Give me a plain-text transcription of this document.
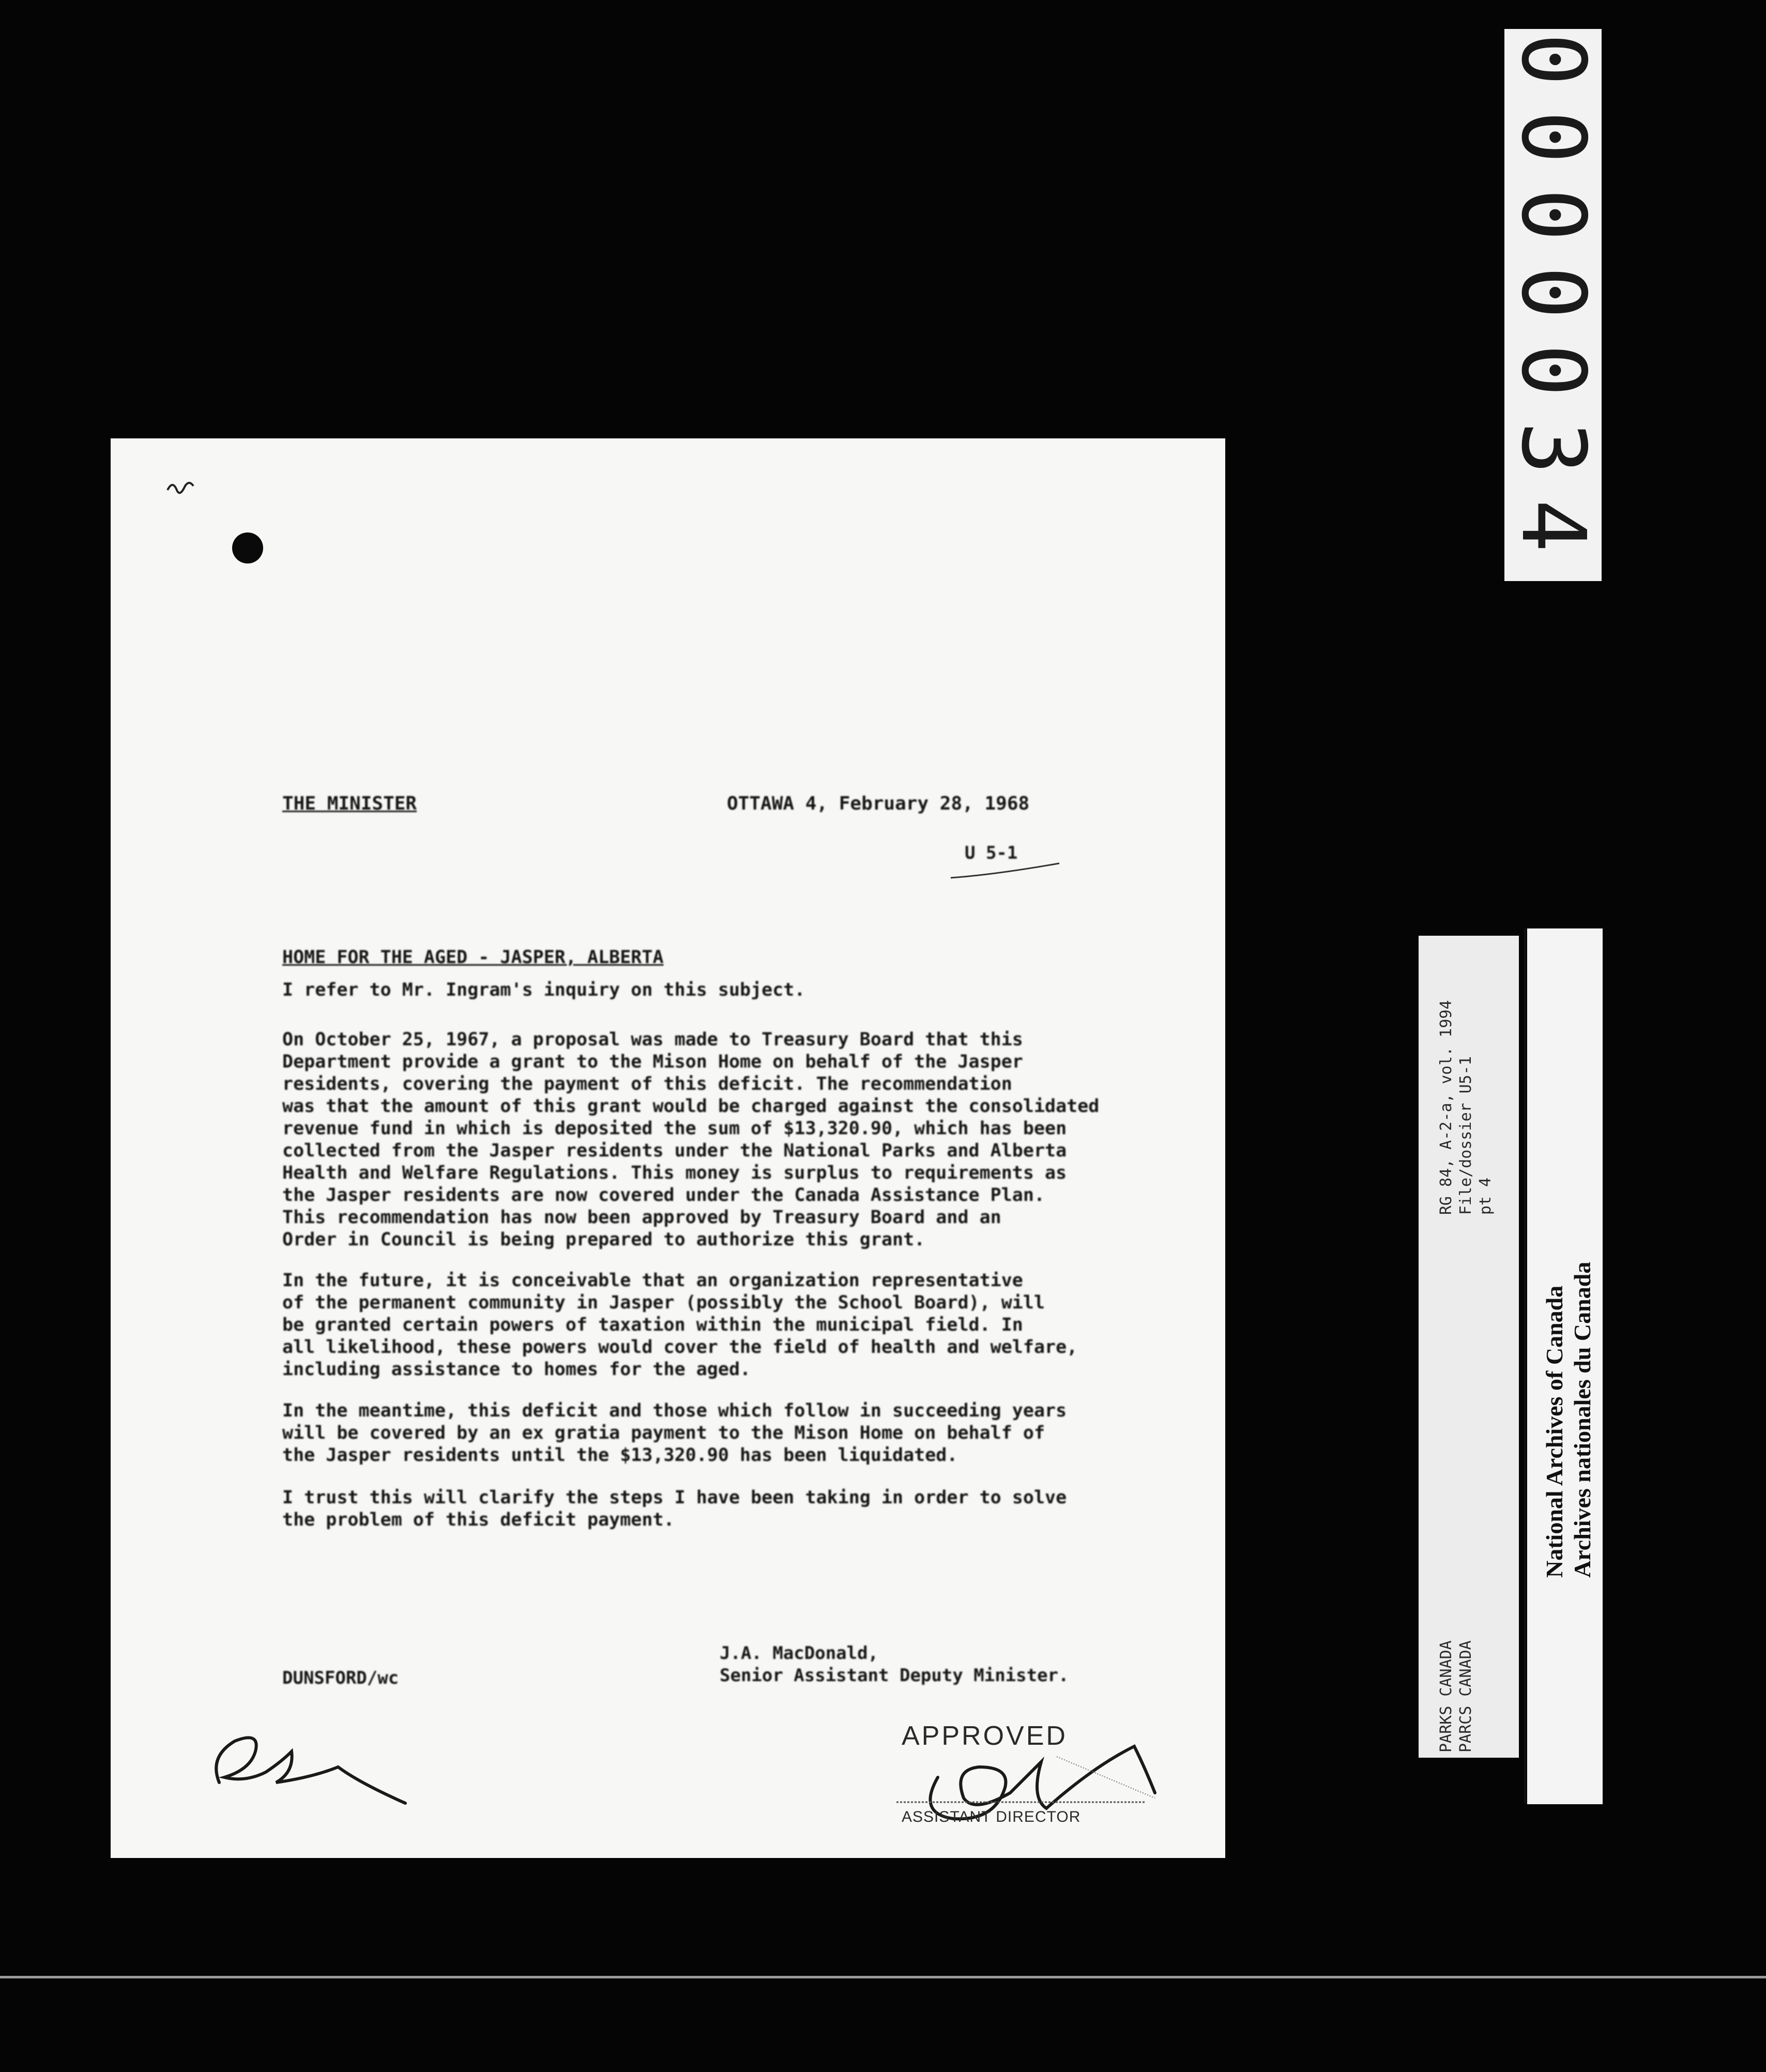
THE MINISTER	OTTAWA 4, February 28, 1968
U 5-1
HOME FOR THE AGED - JASPER, ALBERTA
I refer to Mr. Ingram's inquiry on this subject.
On October 25, 1967, a proposal was made to Treasury Board that this
Department provide a grant to the Mison Home on behalf of the Jasper
residents, covering the payment of this deficit. The recommendation
was that the amount of this grant would be charged against the consolidated
revenue fund in which is deposited the sum of $13,320.90, which has been
collected from the Jasper residents under the National Parks and Alberta
Health and Welfare Regulations. This money is surplus to requirements as
the Jasper residents are now covered under the Canada Assistance Plan.
This recommendation has now been approved by Treasury Board and an
Order in Council is being prepared to authorize this grant.
In the future, it is conceivable that an organization representative
of the permanent community in Jasper (possibly the School Board), will
be granted certain powers of taxation within the municipal field. In
all likelihood, these powers would cover the field of health and welfare,
including assistance to homes for the aged.
In the meantime, this deficit and those which follow in succeeding years
will be covered by an ex gratia payment to the Mison Home on behalf of
the Jasper residents until the $13,320.90 has been liquidated.
I trust this will clarify the steps I have been taking in order to solve
the problem of this deficit payment.
J.A. MacDonald,
Senior Assistant Deputy Minister.
DUNSFORD/wc
APPROVED
ASSISTANT DIRECTOR
0000034
RG 84, A-2-a, vol. 1994 File/dossier U5-1 pt 4
PARKS CANADA PARCS CANADA
National Archives of Canada Archives nationales du Canada
